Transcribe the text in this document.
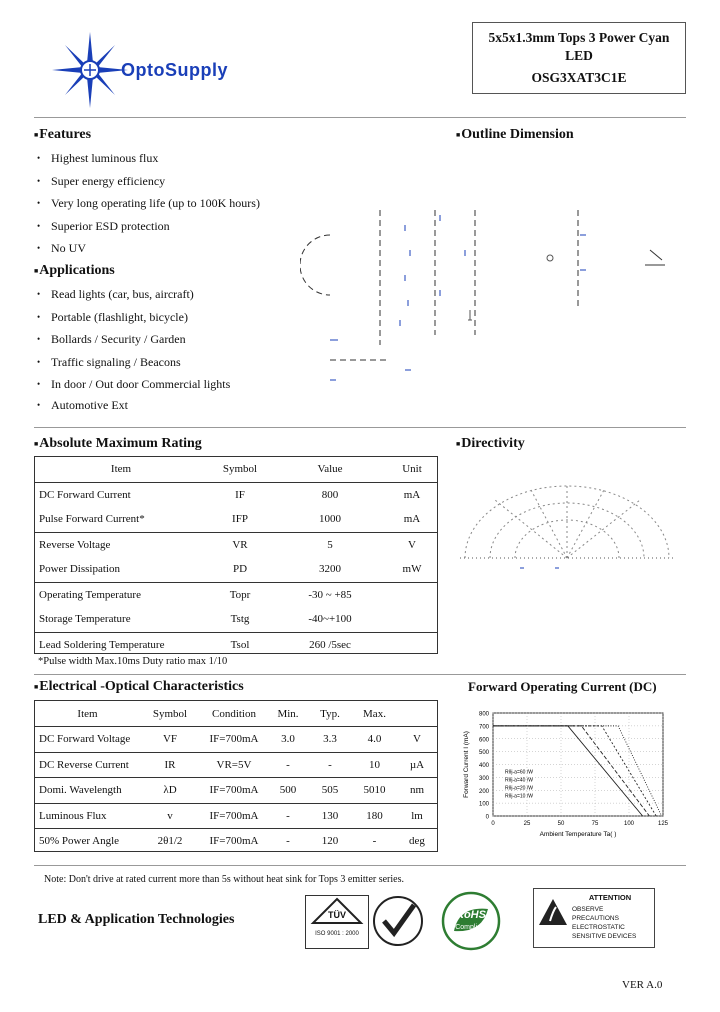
OptoSupply
5x5x1.3mm Tops 3 Power Cyan
LED
OSG3XAT3C1E
■ Features
• Highest luminous flux
• Super energy efficiency
• Very long operating life (up to 100K hours)
• Superior ESD protection
• No UV
■ Applications
• Read lights (car, bus, aircraft)
• Portable (flashlight, bicycle)
• Bollards / Security / Garden
• Traffic signaling / Beacons
• In door / Out door Commercial lights
• Automotive Ext
■ Outline Dimension
■ Absolute Maximum Rating
Item	Symbol	Value	Unit
DC Forward Current	IF	800	mA
Pulse Forward Current*	IFP	1000	mA
Reverse Voltage	VR	5	V
Power Dissipation	PD	3200	mW
Operating Temperature	Topr	-30 ~ +85	
Storage Temperature	Tstg	-40~+100	
Lead Soldering Temperature	Tsol	260 /5sec	
*Pulse width Max.10ms Duty ratio max 1/10
■ Directivity
■ Electrical -Optical Characteristics
Item	Symbol	Condition	Min.	Typ.	Max.	
DC Forward Voltage	VF	IF=700mA	3.0	3.3	4.0	V
DC Reverse Current	IR	VR=5V	-	-	10	µA
Domi. Wavelength	λD	IF=700mA	500	505	5010	nm
Luminous Flux	v	IF=700mA	-	130	180	lm
50% Power Angle	2θ1/2	IF=700mA	-	120	-	deg
Forward Operating Current (DC)
0
100
200
300
400
500
600
700
800
0	25	50	75	100	125
Rθj-a=60 /W
Rθj-a=40 /W
Rθj-a=20 /W
Rθj-a=10 /W
Ambient Temperature Ta( )
Forward Current I (mA)
Note: Don't drive at rated current more than 5s without heat sink for Tops 3 emitter series.
LED & Application Technologies	TÜV
ISO 9001 : 2000
RoHS
Compliant
ATTENTION
OBSERVE PRECAUTIONS ELECTROSTATIC SENSITIVE DEVICES
VER A.0
